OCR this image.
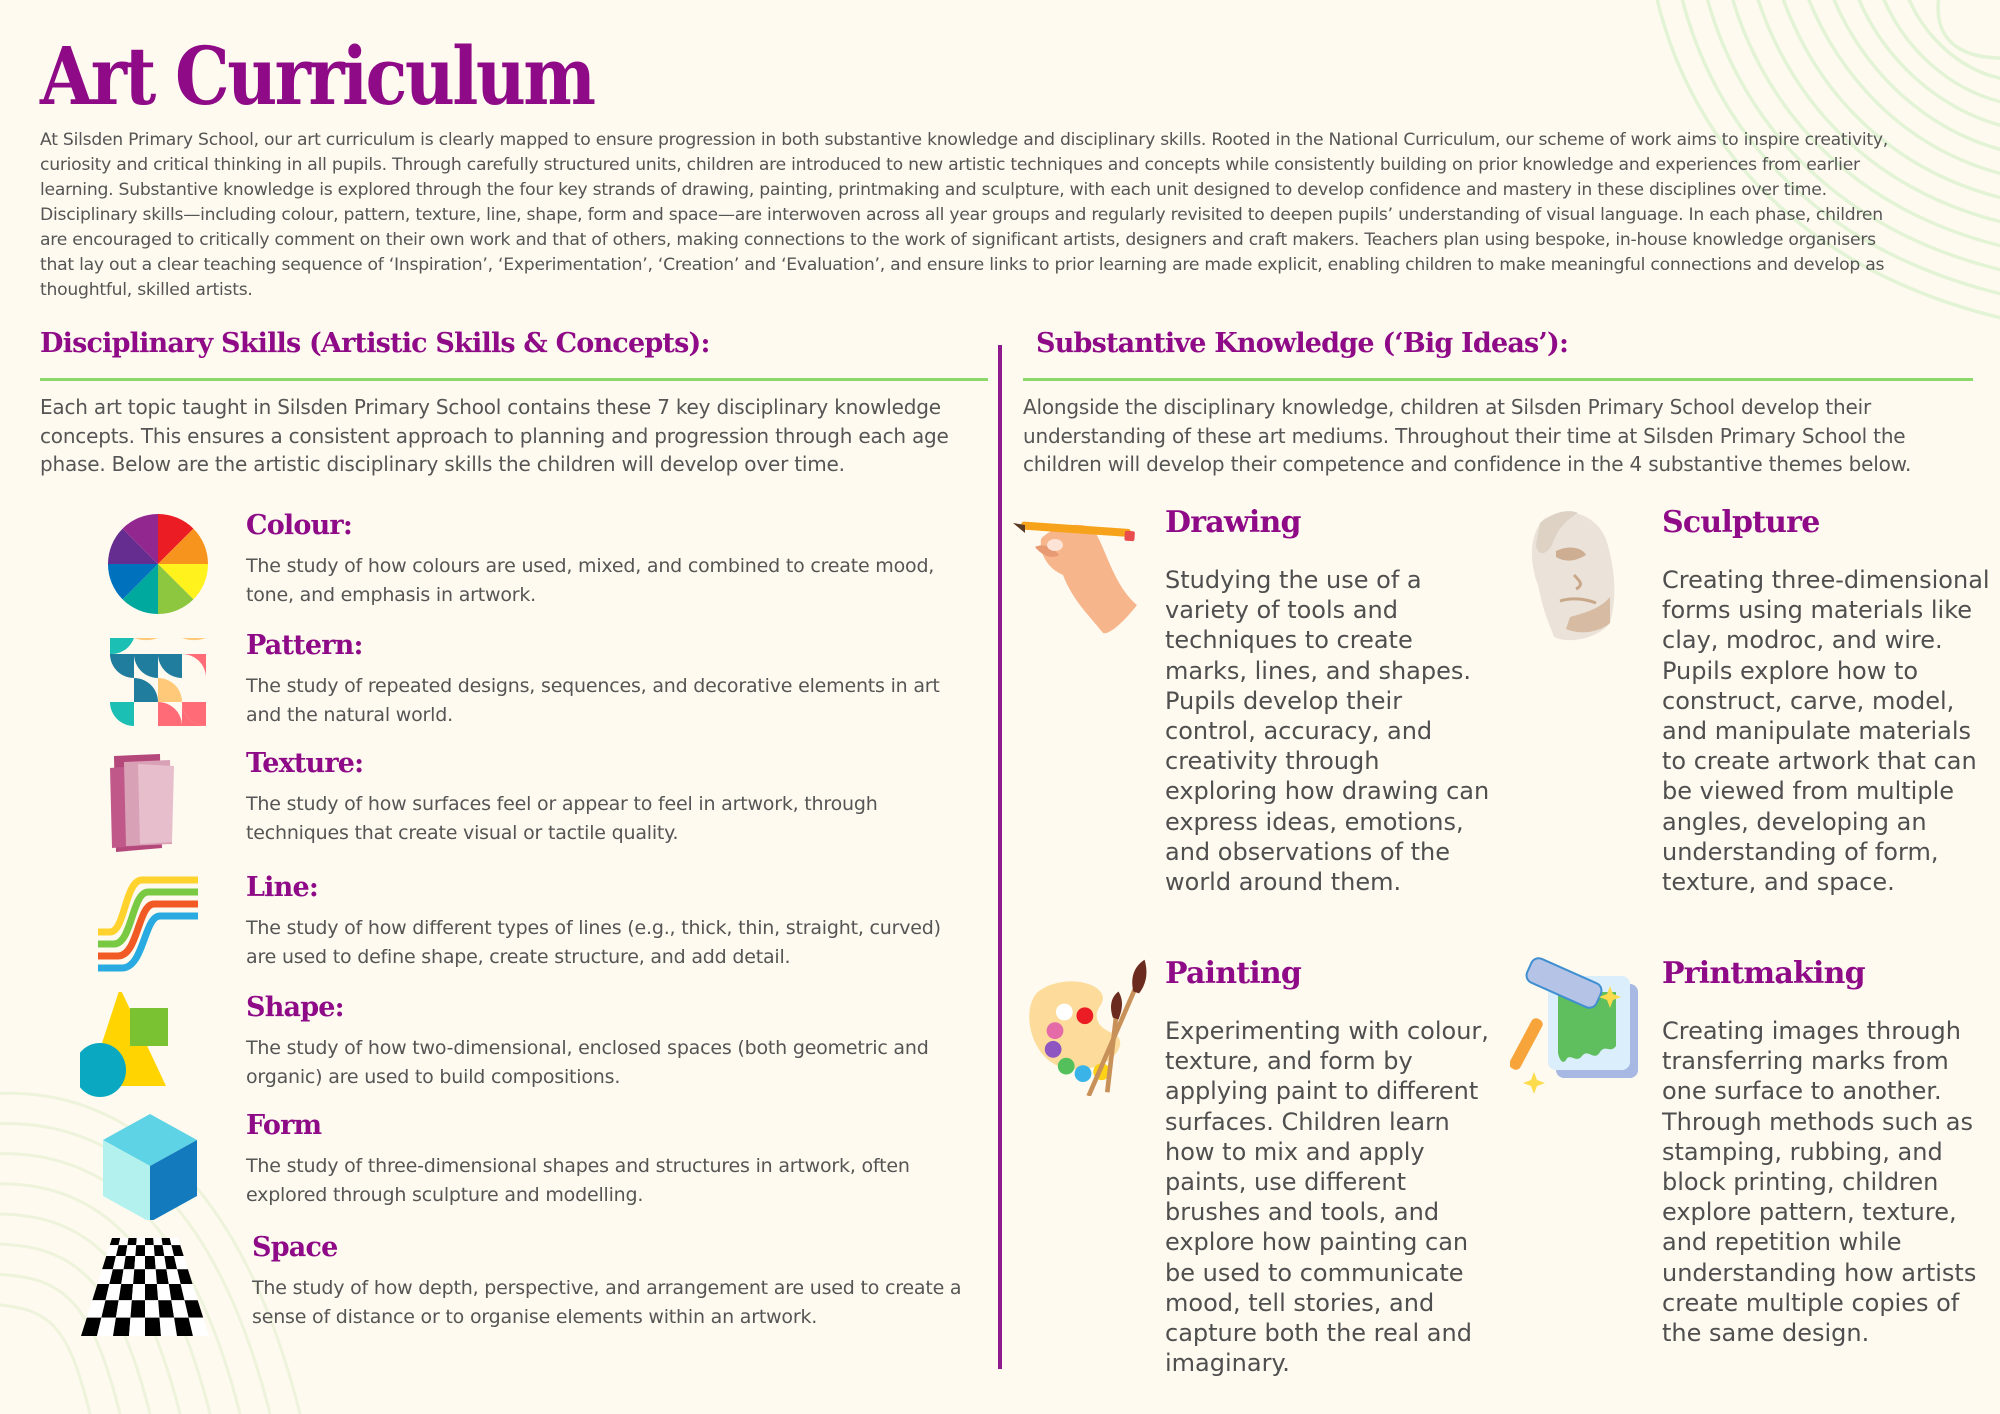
Art Curriculum

At Silsden Primary School, our art curriculum is clearly mapped to ensure progression in both substantive knowledge and disciplinary skills. Rooted in the National Curriculum, our scheme of work aims to inspire creativity, curiosity and critical thinking in all pupils. Through carefully structured units, children are introduced to new artistic techniques and concepts while consistently building on prior knowledge and experiences from earlier learning. Substantive knowledge is explored through the four key strands of drawing, painting, printmaking and sculpture, with each unit designed to develop confidence and mastery in these disciplines over time. Disciplinary skills—including colour, pattern, texture, line, shape, form and space—are interwoven across all year groups and regularly revisited to deepen pupils’ understanding of visual language. In each phase, children are encouraged to critically comment on their own work and that of others, making connections to the work of significant artists, designers and craft makers. Teachers plan using bespoke, in-house knowledge organisers that lay out a clear teaching sequence of ‘Inspiration’, ‘Experimentation’, ‘Creation’ and ‘Evaluation’, and ensure links to prior learning are made explicit, enabling children to make meaningful connections and develop as thoughtful, skilled artists.

Disciplinary Skills (Artistic Skills & Concepts):

Each art topic taught in Silsden Primary School contains these 7 key disciplinary knowledge concepts. This ensures a consistent approach to planning and progression through each age phase. Below are the artistic disciplinary skills the children will develop over time.

Colour:
The study of how colours are used, mixed, and combined to create mood, tone, and emphasis in artwork.
Pattern:
The study of repeated designs, sequences, and decorative elements in art and the natural world.
Texture:
The study of how surfaces feel or appear to feel in artwork, through techniques that create visual or tactile quality.
Line:
The study of how different types of lines (e.g., thick, thin, straight, curved) are used to define shape, create structure, and add detail.
Shape:
The study of how two-dimensional, enclosed spaces (both geometric and organic) are used to build compositions.
Form
The study of three-dimensional shapes and structures in artwork, often explored through sculpture and modelling.
Space
The study of how depth, perspective, and arrangement are used to create a sense of distance or to organise elements within an artwork.
Substantive Knowledge (‘Big Ideas’):

Alongside the disciplinary knowledge, children at Silsden Primary School develop their understanding of these art mediums. Throughout their time at Silsden Primary School the children will develop their competence and confidence in the 4 substantive themes below.

Drawing
Studying the use of a variety of tools and techniques to create marks, lines, and shapes. Pupils develop their control, accuracy, and creativity through exploring how drawing can express ideas, emotions, and observations of the world around them.
Sculpture
Creating three-dimensional forms using materials like clay, modroc, and wire. Pupils explore how to construct, carve, model, and manipulate materials to create artwork that can be viewed from multiple angles, developing an understanding of form, texture, and space.
Painting
Experimenting with colour, texture, and form by applying paint to different surfaces. Children learn how to mix and apply paints, use different brushes and tools, and explore how painting can be used to communicate mood, tell stories, and capture both the real and imaginary.
Printmaking
Creating images through transferring marks from one surface to another. Through methods such as stamping, rubbing, and block printing, children explore pattern, texture, and repetition while understanding how artists create multiple copies of the same design.
